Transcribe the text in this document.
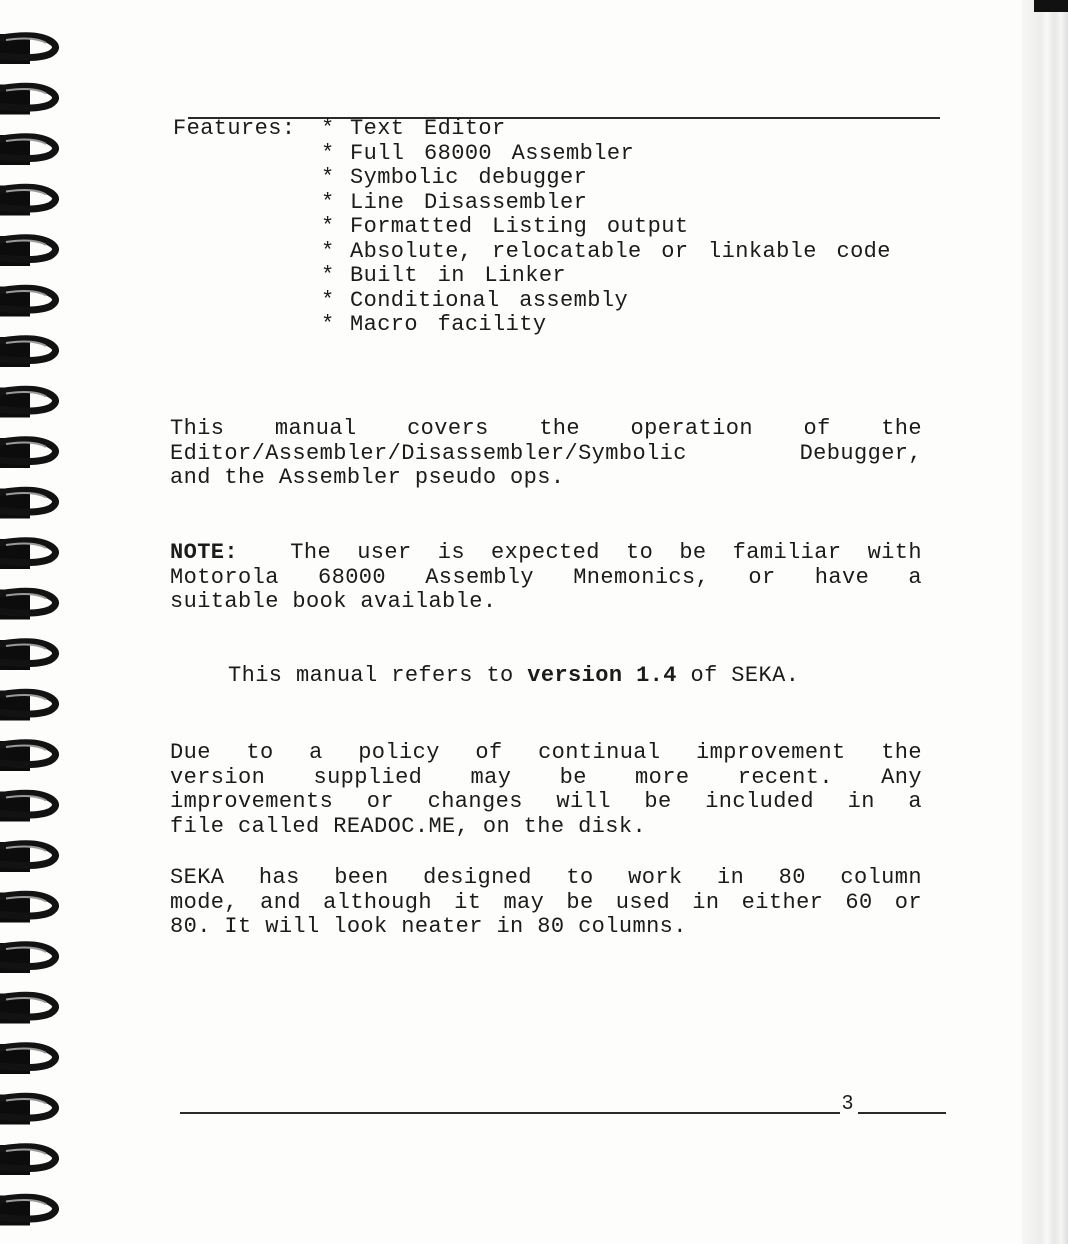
Features: * Text Editor
* Full 68000 Assembler
* Symbolic debugger
* Line Disassembler
* Formatted Listing output
* Absolute, relocatable or linkable code
* Built in Linker
* Conditional assembly
* Macro facility

This manual covers the operation of the
Editor/Assembler/Disassembler/Symbolic Debugger,
and the Assembler pseudo ops.

NOTE: The user is expected to be familiar with
Motorola 68000 Assembly Mnemonics, or have a
suitable book available.

This manual refers to version 1.4 of SEKA.

Due to a policy of continual improvement the
version supplied may be more recent. Any
improvements or changes will be included in a
file called READOC.ME, on the disk.

SEKA has been designed to work in 80 column
mode, and although it may be used in either 60 or
80. It will look neater in 80 columns.

3
